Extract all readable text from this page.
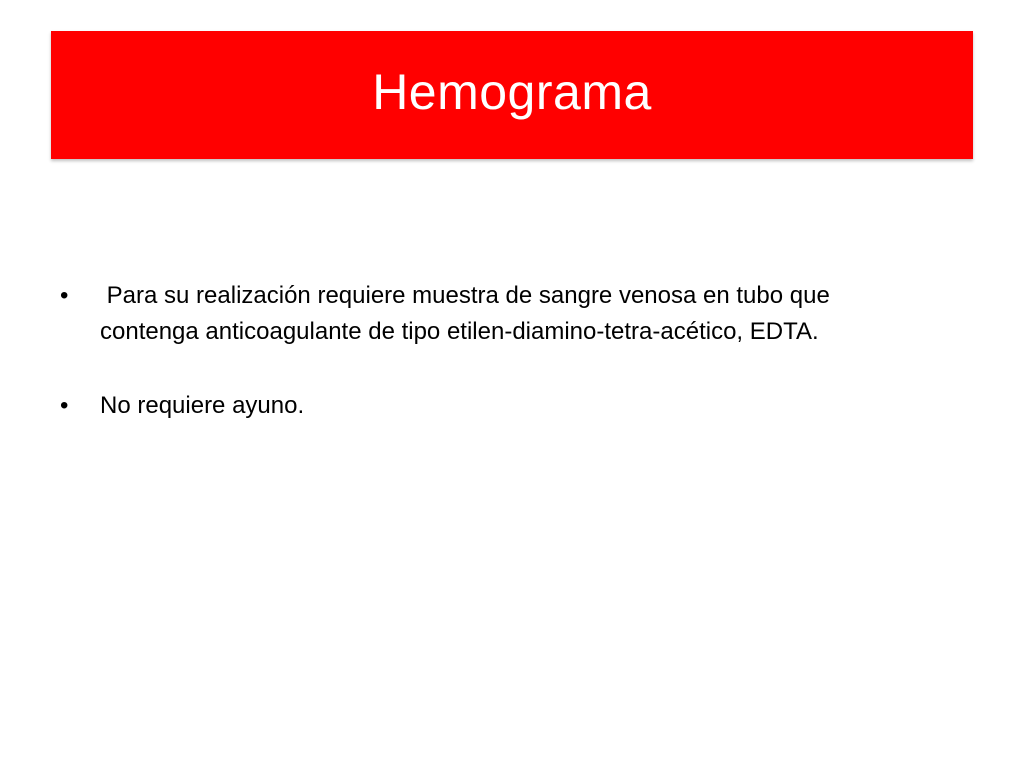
Hemograma
•	Para su realización requiere muestra de sangre venosa en tubo que contenga anticoagulante de tipo etilen-diamino-tetra-acético, EDTA.
•	No requiere ayuno.
